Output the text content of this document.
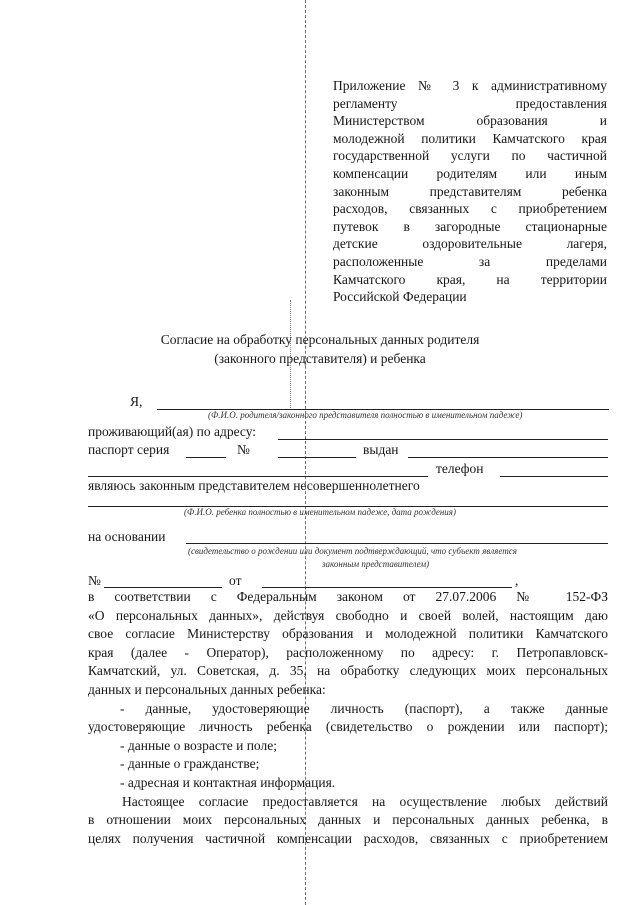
Приложение № 3 к административному
регламенту предоставления
Министерством образования и
молодежной политики Камчатского края
государственной услуги по частичной
компенсации родителям или иным
законным представителям ребенка
расходов, связанных с приобретением
путевок в загородные стационарные
детские оздоровительные лагеря,
расположенные за пределами
Камчатского края, на территории
Российской Федерации
Согласие на обработку персональных данных родителя
(законного представителя) и ребенка
Я,
(Ф.И.О. родителя/законного представителя полностью в именительном падеже)
проживающий(ая) по адресу:
паспорт серия	№	выдан
телефон
являюсь законным представителем несовершеннолетнего
(Ф.И.О. ребенка полностью в именительном падеже, дата рождения)
на основании
(свидетельство о рождении или документ подтверждающий, что субъект является
законным представителем)
№	от	,
в соответствии с Федеральным законом от 27.07.2006 № 152-ФЗ
«О персональных данных», действуя свободно и своей волей, настоящим даю
свое согласие Министерству образования и молодежной политики Камчатского
края (далее - Оператор), расположенному по адресу: г. Петропавловск-
Камчатский, ул. Советская, д. 35, на обработку следующих моих персональных
данных и персональных данных ребенка:
- данные, удостоверяющие личность (паспорт), а также данные
удостоверяющие личность ребенка (свидетельство о рождении или паспорт);
- данные о возрасте и поле;
- данные о гражданстве;
- адресная и контактная информация.
Настоящее согласие предоставляется на осуществление любых действий
в отношении моих персональных данных и персональных данных ребенка, в
целях получения частичной компенсации расходов, связанных с приобретением
